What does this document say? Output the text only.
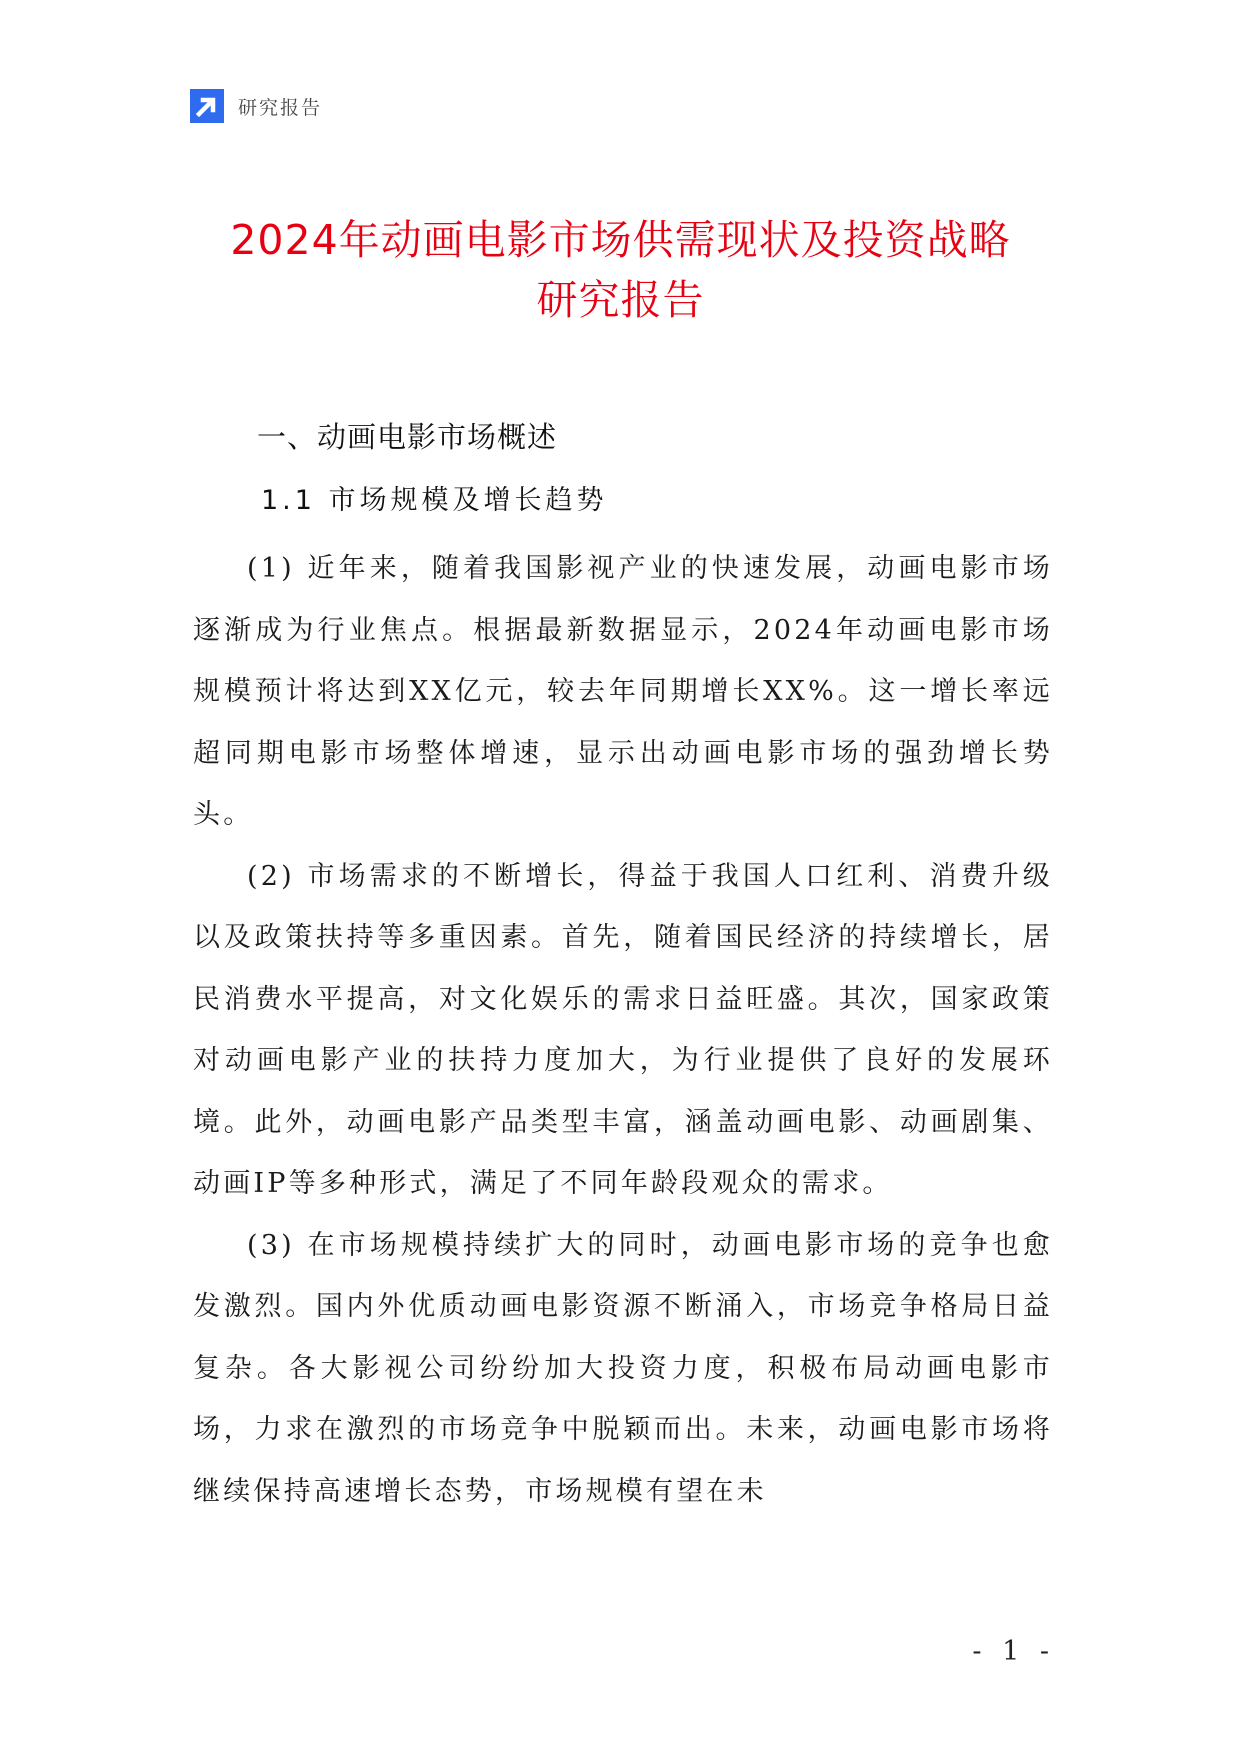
研究报告
2024年动画电影市场供需现状及投资战略
研究报告
一、动画电影市场概述
1.1 市场规模及增长趋势

(1) 近年来，随着我国影视产业的快速发展，动画电影市场逐渐成为行业焦点。根据最新数据显示，2024年动画电影市场规模预计将达到XX亿元，较去年同期增长XX%。这一增长率远超同期电影市场整体增速，显示出动画电影市场的强劲增长势头。

(2) 市场需求的不断增长，得益于我国人口红利、消费升级以及政策扶持等多重因素。首先，随着国民经济的持续增长，居民消费水平提高，对文化娱乐的需求日益旺盛。其次，国家政策对动画电影产业的扶持力度加大，为行业提供了良好的发展环境。此外，动画电影产品类型丰富，涵盖动画电影、动画剧集、动画IP等多种形式，满足了不同年龄段观众的需求。

(3) 在市场规模持续扩大的同时，动画电影市场的竞争也愈发激烈。国内外优质动画电影资源不断涌入，市场竞争格局日益复杂。各大影视公司纷纷加大投资力度，积极布局动画电影市场，力求在激烈的市场竞争中脱颖而出。未来，动画电影市场将继续保持高速增长态势，市场规模有望在未

- 1 -
